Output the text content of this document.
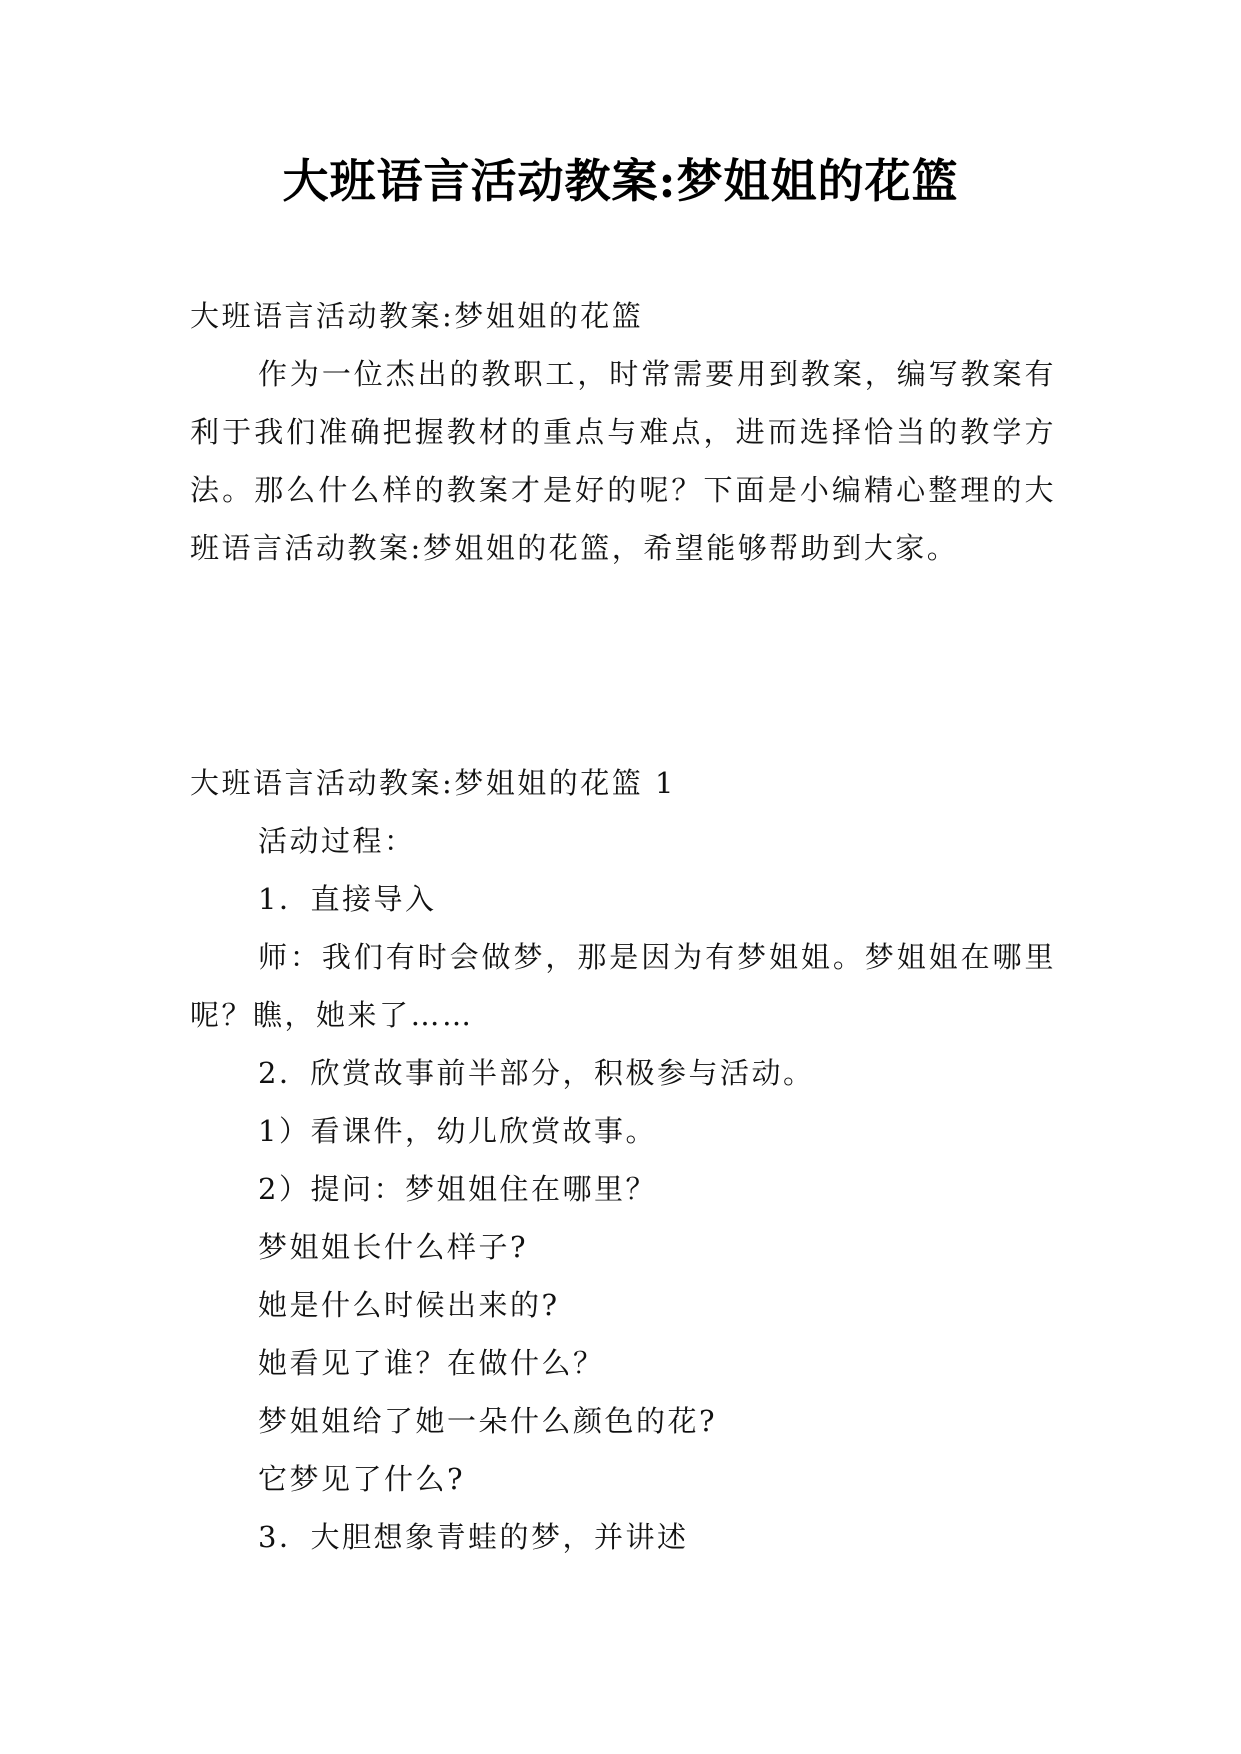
大班语言活动教案:梦姐姐的花篮

大班语言活动教案:梦姐姐的花篮

作为一位杰出的教职工，时常需要用到教案，编写教案有利于我们准确把握教材的重点与难点，进而选择恰当的教学方法。那么什么样的教案才是好的呢？下面是小编精心整理的大班语言活动教案:梦姐姐的花篮，希望能够帮助到大家。

大班语言活动教案:梦姐姐的花篮 1

活动过程：

1．直接导入

师：我们有时会做梦，那是因为有梦姐姐。梦姐姐在哪里呢？瞧，她来了……

2．欣赏故事前半部分，积极参与活动。

1）看课件，幼儿欣赏故事。

2）提问：梦姐姐住在哪里？

梦姐姐长什么样子?

她是什么时候出来的?

她看见了谁？在做什么？

梦姐姐给了她一朵什么颜色的花?

它梦见了什么?

3．大胆想象青蛙的梦，并讲述
